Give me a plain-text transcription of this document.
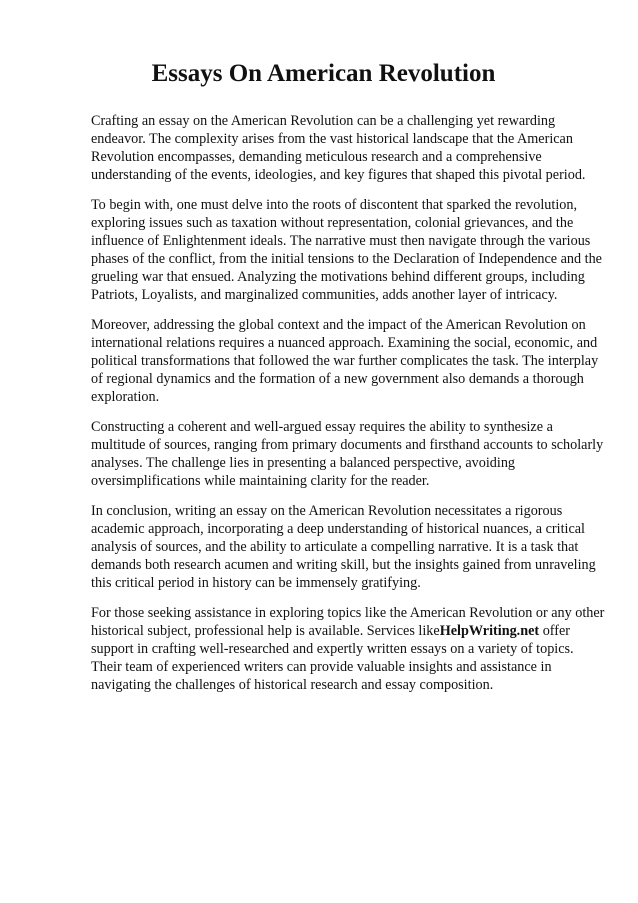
Essays On American Revolution

Crafting an essay on the American Revolution can be a challenging yet rewarding endeavor. The complexity arises from the vast historical landscape that the American Revolution encompasses, demanding meticulous research and a comprehensive understanding of the events, ideologies, and key figures that shaped this pivotal period.

To begin with, one must delve into the roots of discontent that sparked the revolution, exploring issues such as taxation without representation, colonial grievances, and the influence of Enlightenment ideals. The narrative must then navigate through the various phases of the conflict, from the initial tensions to the Declaration of Independence and the grueling war that ensued. Analyzing the motivations behind different groups, including Patriots, Loyalists, and marginalized communities, adds another layer of intricacy.

Moreover, addressing the global context and the impact of the American Revolution on international relations requires a nuanced approach. Examining the social, economic, and political transformations that followed the war further complicates the task. The interplay of regional dynamics and the formation of a new government also demands a thorough exploration.

Constructing a coherent and well-argued essay requires the ability to synthesize a multitude of sources, ranging from primary documents and firsthand accounts to scholarly analyses. The challenge lies in presenting a balanced perspective, avoiding oversimplifications while maintaining clarity for the reader.

In conclusion, writing an essay on the American Revolution necessitates a rigorous academic approach, incorporating a deep understanding of historical nuances, a critical analysis of sources, and the ability to articulate a compelling narrative. It is a task that demands both research acumen and writing skill, but the insights gained from unraveling this critical period in history can be immensely gratifying.

For those seeking assistance in exploring topics like the American Revolution or any other historical subject, professional help is available. Services likeHelpWriting.net offer support in crafting well-researched and expertly written essays on a variety of topics. Their team of experienced writers can provide valuable insights and assistance in navigating the challenges of historical research and essay composition.
